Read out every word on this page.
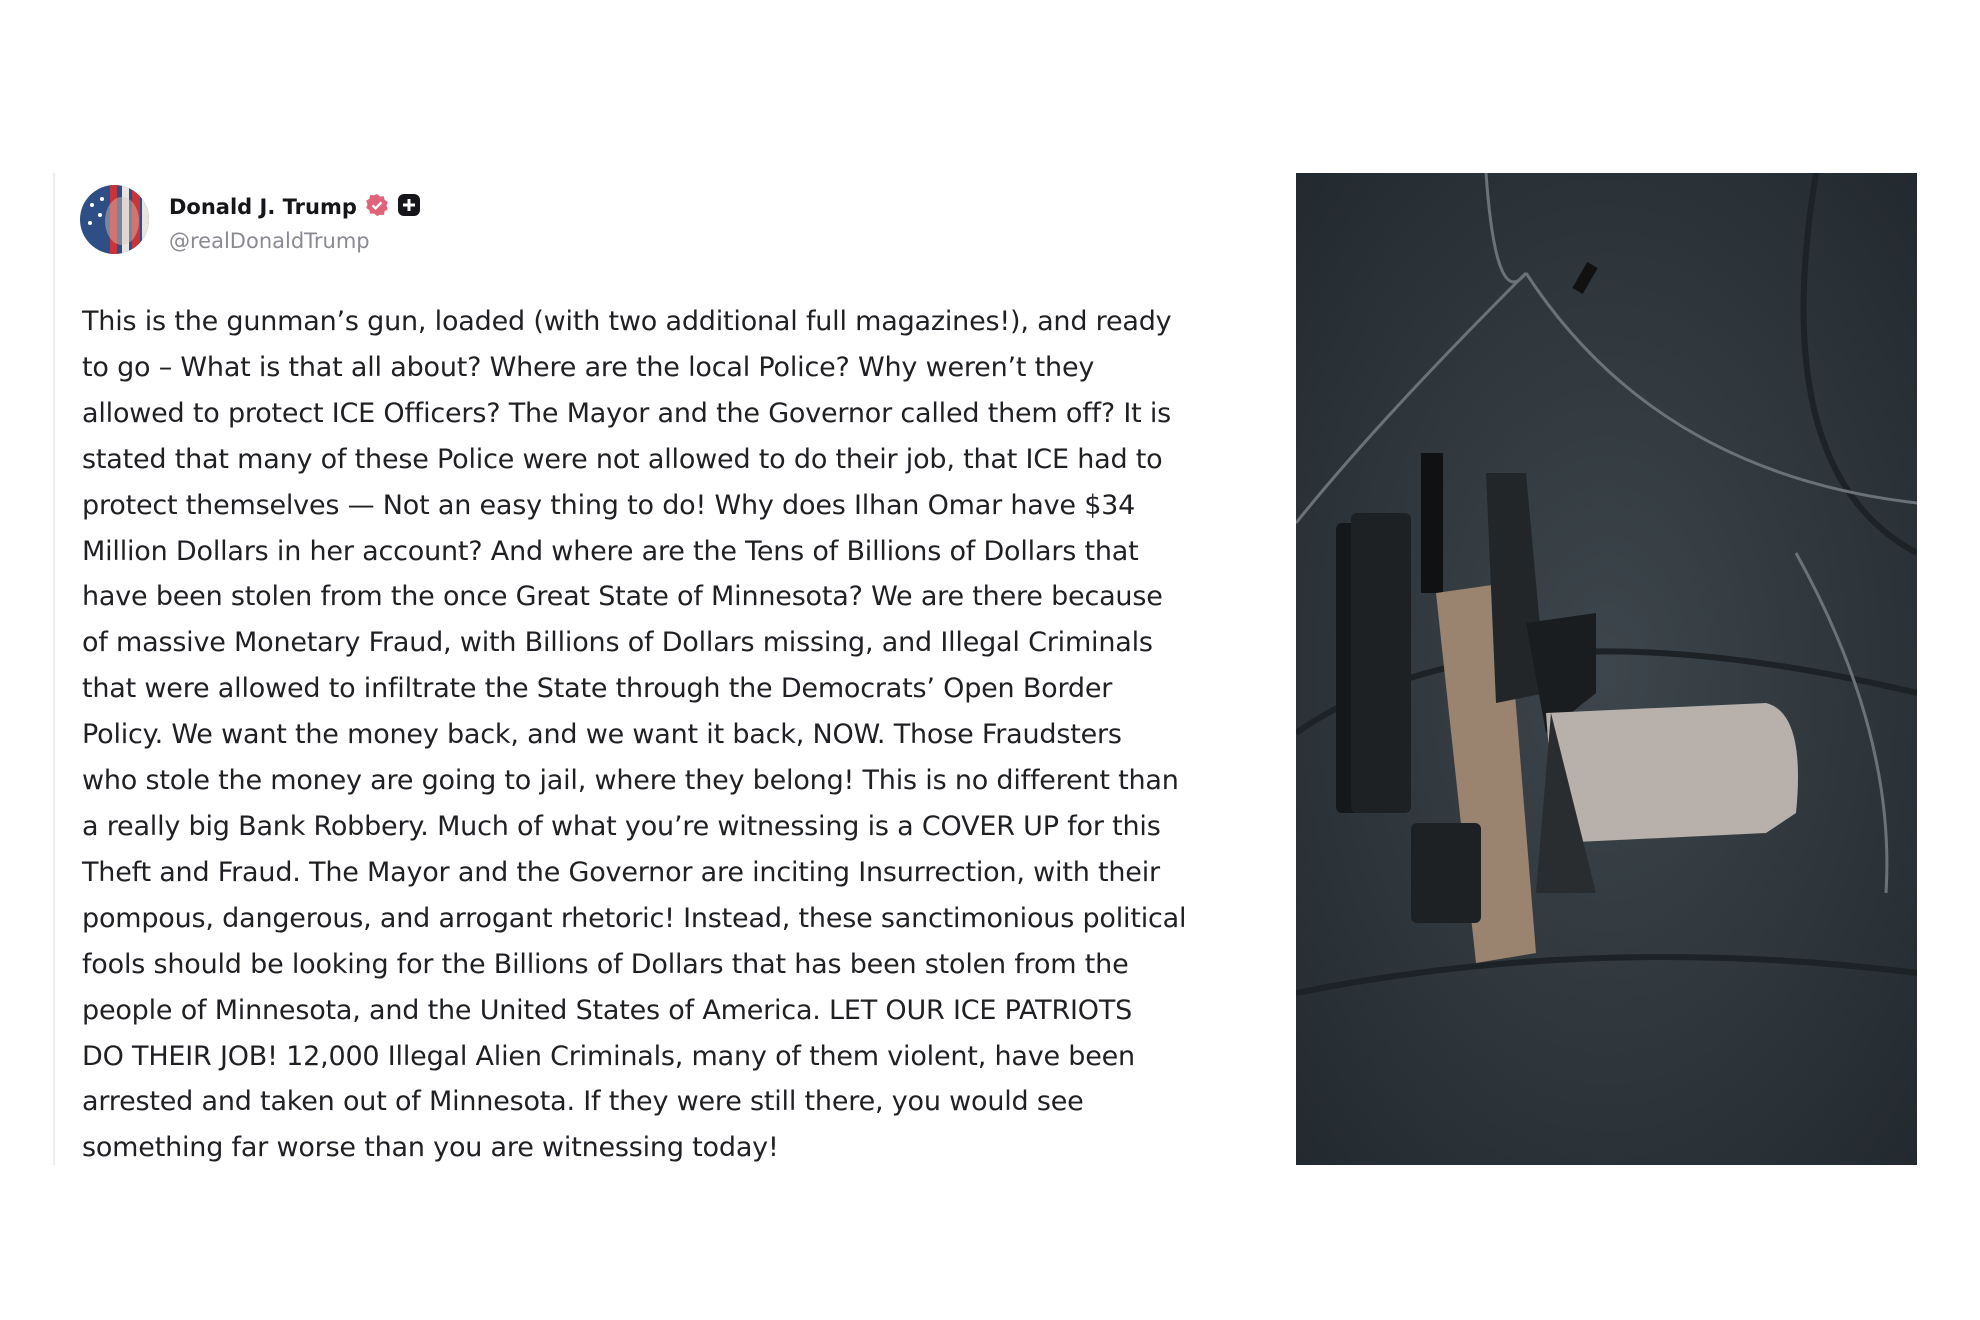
Donald J. Trump
@realDonaldTrump
This is the gunman’s gun, loaded (with two additional full magazines!), and ready
to go – What is that all about? Where are the local Police? Why weren’t they
allowed to protect ICE Officers? The Mayor and the Governor called them off? It is
stated that many of these Police were not allowed to do their job, that ICE had to
protect themselves — Not an easy thing to do! Why does Ilhan Omar have $34
Million Dollars in her account? And where are the Tens of Billions of Dollars that
have been stolen from the once Great State of Minnesota? We are there because
of massive Monetary Fraud, with Billions of Dollars missing, and Illegal Criminals
that were allowed to infiltrate the State through the Democrats’ Open Border
Policy. We want the money back, and we want it back, NOW. Those Fraudsters
who stole the money are going to jail, where they belong! This is no different than
a really big Bank Robbery. Much of what you’re witnessing is a COVER UP for this
Theft and Fraud. The Mayor and the Governor are inciting Insurrection, with their
pompous, dangerous, and arrogant rhetoric! Instead, these sanctimonious political
fools should be looking for the Billions of Dollars that has been stolen from the
people of Minnesota, and the United States of America. LET OUR ICE PATRIOTS
DO THEIR JOB! 12,000 Illegal Alien Criminals, many of them violent, have been
arrested and taken out of Minnesota. If they were still there, you would see
something far worse than you are witnessing today!
